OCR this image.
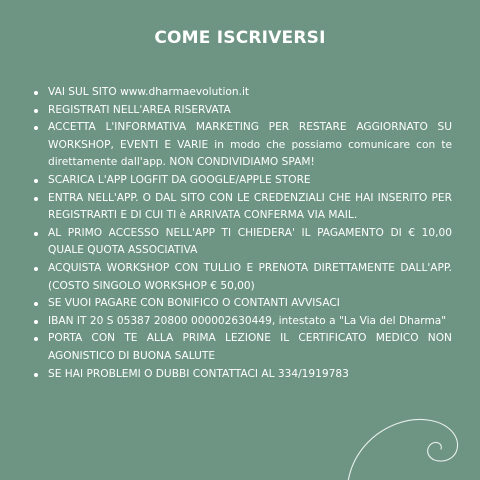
COME ISCRIVERSI
VAI SUL SITO www.dharmaevolution.it
REGISTRATI NELL'AREA RISERVATA
ACCETTA L'INFORMATIVA MARKETING PER RESTARE AGGIORNATO SU WORKSHOP, EVENTI E VARIE in modo che possiamo comunicare con te direttamente dall'app. NON CONDIVIDIAMO SPAM!
SCARICA L'APP LOGFIT DA GOOGLE/APPLE STORE
ENTRA NELL'APP. O DAL SITO CON LE CREDENZIALI CHE HAI INSERITO PER REGISTRARTI E DI CUI TI è ARRIVATA CONFERMA VIA MAIL.
AL PRIMO ACCESSO NELL'APP TI CHIEDERA' IL PAGAMENTO DI € 10,00 QUALE QUOTA ASSOCIATIVA
ACQUISTA WORKSHOP CON TULLIO E PRENOTA DIRETTAMENTE DALL'APP. (COSTO SINGOLO WORKSHOP € 50,00)
SE VUOI PAGARE CON BONIFICO O CONTANTI AVVISACI
IBAN IT 20 S 05387 20800 000002630449, intestato a "La Via del Dharma"
PORTA CON TE ALLA PRIMA LEZIONE IL CERTIFICATO MEDICO NON AGONISTICO DI BUONA SALUTE
SE HAI PROBLEMI O DUBBI CONTATTACI AL 334/1919783
